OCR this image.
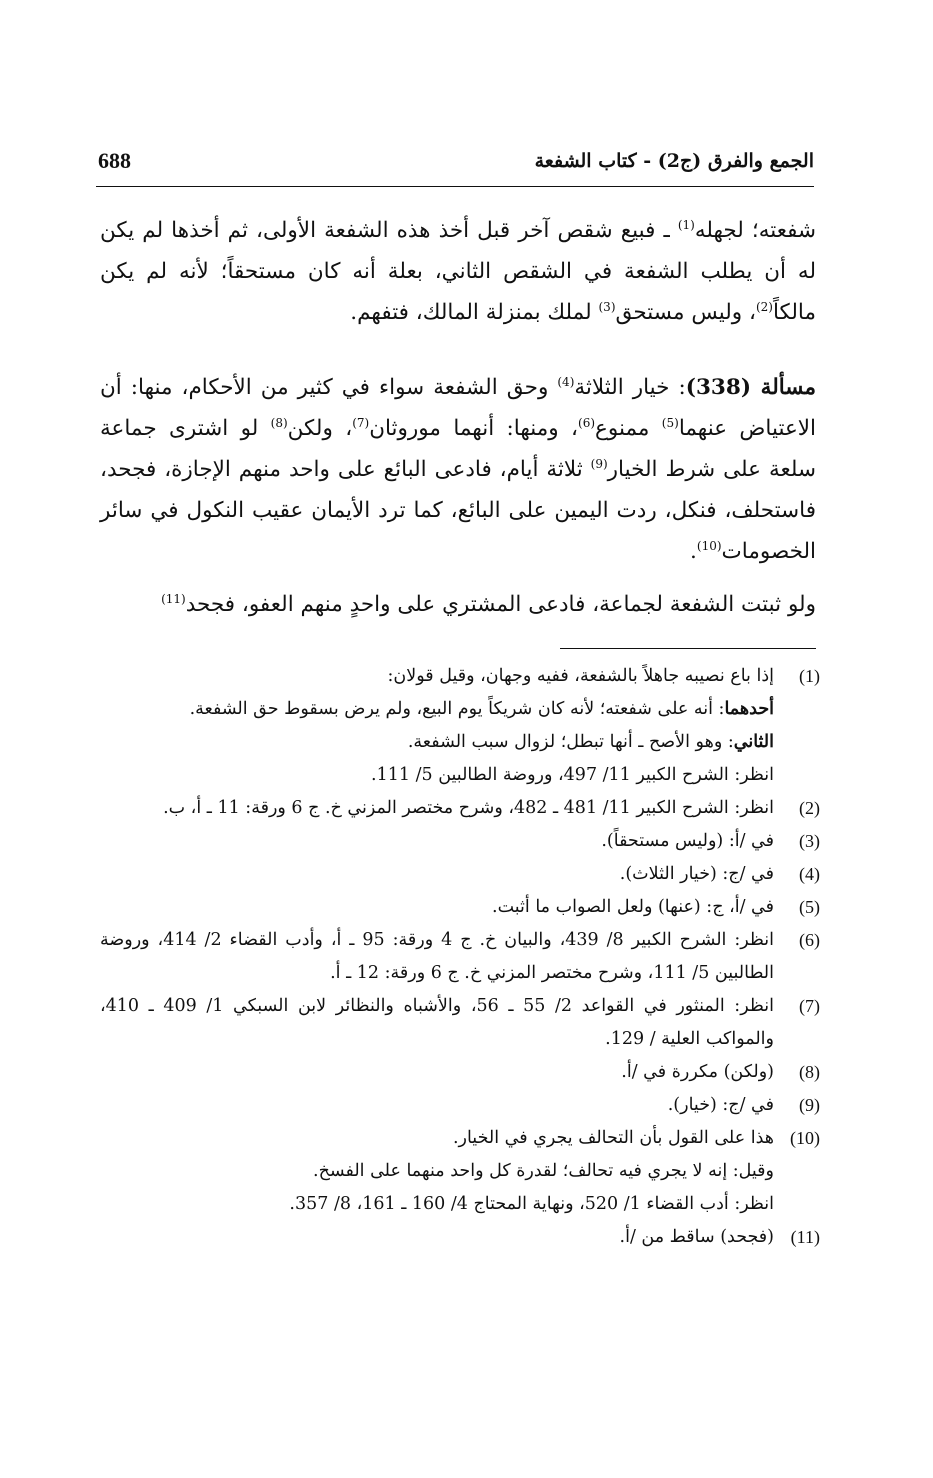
الجمع والفرق (ج2) - كتاب الشفعة
688
شفعته؛ لجهله$^{(1)}$ ـ فبيع شقص آخر قبل أخذ هذه الشفعة الأولى، ثم أخذها لم يكن له أن يطلب الشفعة في الشقص الثاني، بعلة أنه كان مستحقاً؛ لأنه لم يكن مالكاً$^{(2)}$، وليس مستحق$^{(3)}$ لملك بمنزلة المالك، فتفهم.
مسألة (338): خيار الثلاثة$^{(4)}$ وحق الشفعة سواء في كثير من الأحكام، منها: أن الاعتياض عنهما$^{(5)}$ ممنوع$^{(6)}$، ومنها: أنهما موروثان$^{(7)}$، ولكن$^{(8)}$ لو اشترى جماعة سلعة على شرط الخيار$^{(9)}$ ثلاثة أيام، فادعى البائع على واحد منهم الإجازة، فجحد، فاستحلف، فنكل، ردت اليمين على البائع، كما ترد الأيمان عقيب النكول في سائر الخصومات$^{(10)}$.
ولو ثبتت الشفعة لجماعة، فادعى المشتري على واحدٍ منهم العفو، فجحد$^{(11)}$
(1)
إذا باع نصيبه جاهلاً بالشفعة، ففيه وجهان، وقيل قولان:
أحدهما: أنه على شفعته؛ لأنه كان شريكاً يوم البيع، ولم يرض بسقوط حق الشفعة.
الثاني: وهو الأصح ـ أنها تبطل؛ لزوال سبب الشفعة.
انظر: الشرح الكبير 11/ 497، وروضة الطالبين 5/ 111.
(2)
انظر: الشرح الكبير 11/ 481 ـ 482، وشرح مختصر المزني خ. ج 6 ورقة: 11 ـ أ، ب.
(3)
في /أ: (وليس مستحقاً).
(4)
في /ج: (خيار الثلاث).
(5)
في /أ، ج: (عنها) ولعل الصواب ما أثبت.
(6)
انظر: الشرح الكبير 8/ 439، والبيان خ. ج 4 ورقة: 95 ـ أ، وأدب القضاء 2/ 414، وروضة الطالبين 5/ 111، وشرح مختصر المزني خ. ج 6 ورقة: 12 ـ أ.
(7)
انظر: المنثور في القواعد 2/ 55 ـ 56، والأشباه والنظائر لابن السبكي 1/ 409 ـ 410، والمواكب العلية / 129.
(8)
(ولكن) مكررة في /أ.
(9)
في /ج: (خيار).
(10)
هذا على القول بأن التحالف يجري في الخيار.
وقيل: إنه لا يجري فيه تحالف؛ لقدرة كل واحد منهما على الفسخ.
انظر: أدب القضاء 1/ 520، ونهاية المحتاج 4/ 160 ـ 161، 8/ 357.
(11)
(فجحد) ساقط من /أ.
